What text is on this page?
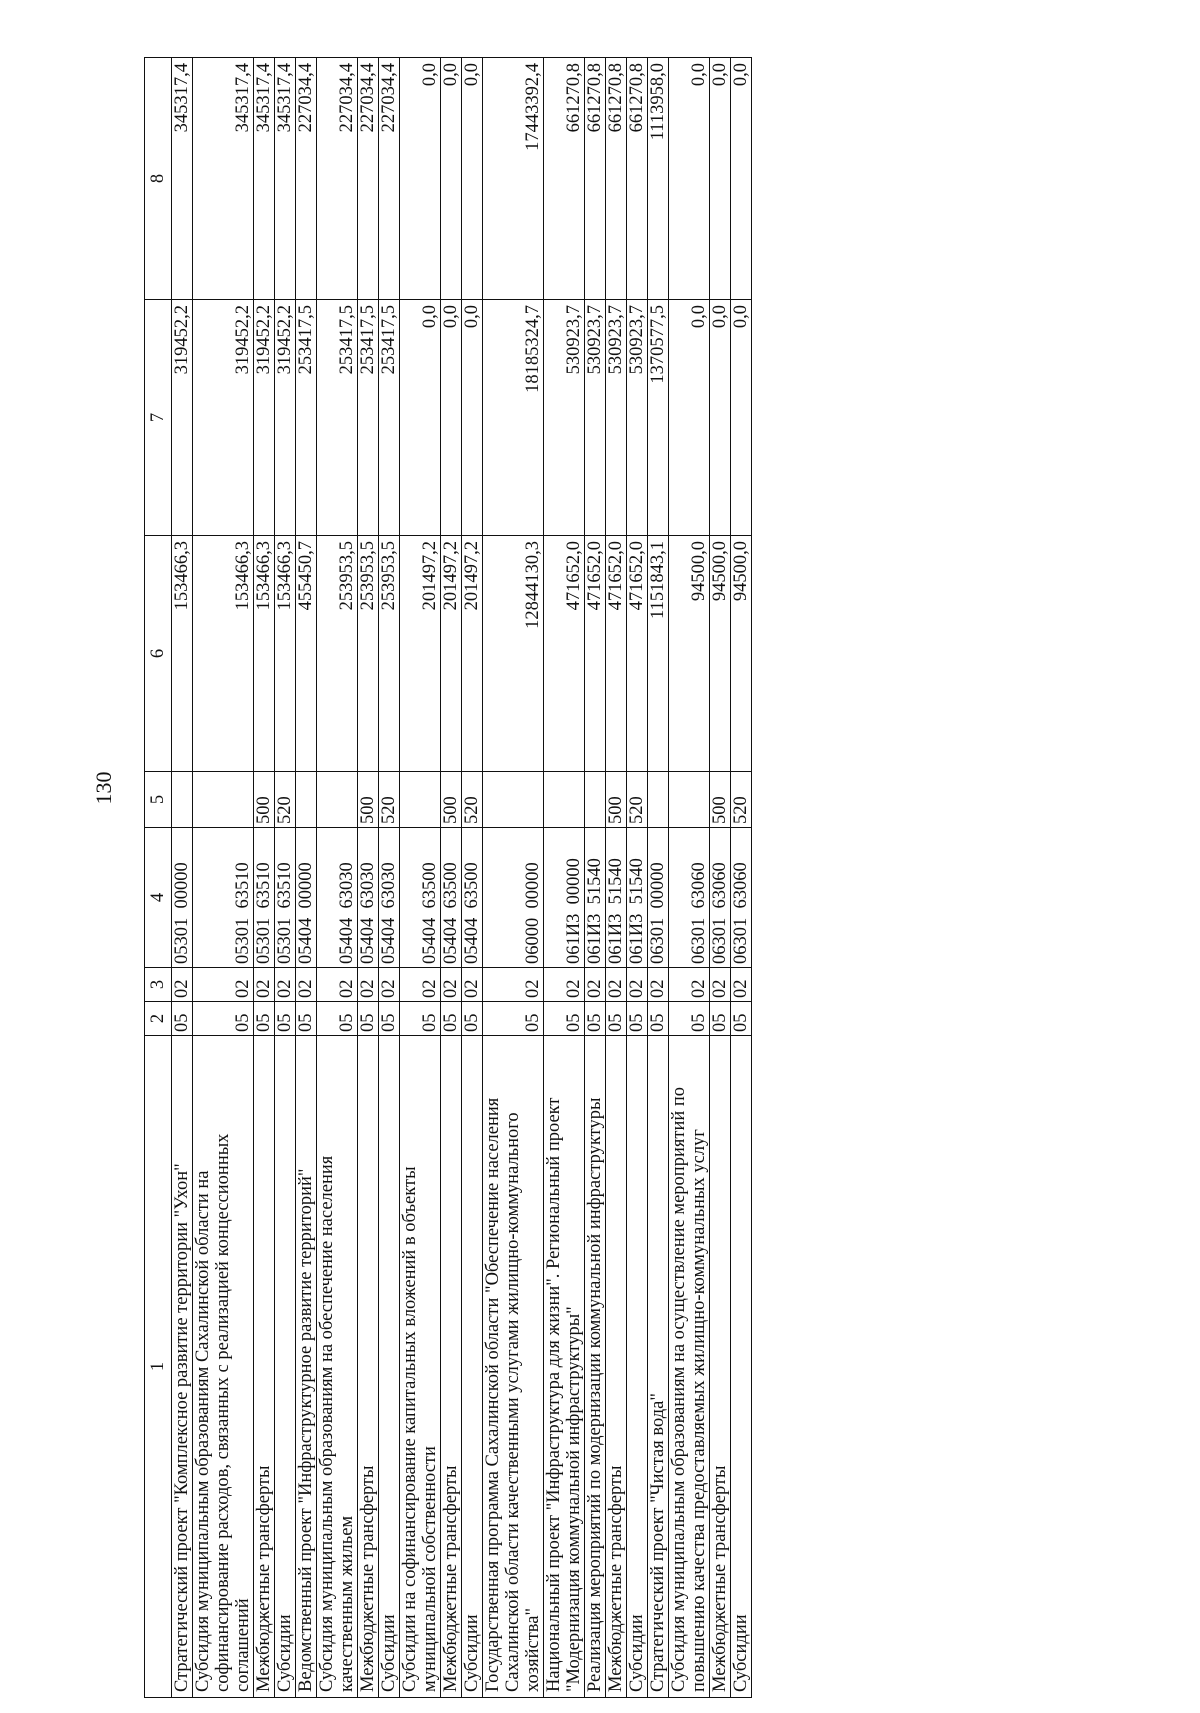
130
1	2	3	4	5	6	7	8
Стратегический проект "Комплексное развитие территории "Ухон"	05	02	05301  00000		153466,3	319452,2	345317,4
Субсидия муниципальным образованиям Сахалинской области на софинансирование расходов, связанных с реализацией концессионных соглашений	05	02	05301  63510		153466,3	319452,2	345317,4
Межбюджетные трансферты	05	02	05301  63510	500	153466,3	319452,2	345317,4
Субсидии	05	02	05301  63510	520	153466,3	319452,2	345317,4
Ведомственный проект "Инфраструктурное развитие территорий"	05	02	05404  00000		455450,7	253417,5	227034,4
Субсидия муниципальным образованиям на обеспечение населения качественным жильем	05	02	05404  63030		253953,5	253417,5	227034,4
Межбюджетные трансферты	05	02	05404  63030	500	253953,5	253417,5	227034,4
Субсидии	05	02	05404  63030	520	253953,5	253417,5	227034,4
Субсидии на софинансирование капитальных вложений в объекты муниципальной собственности	05	02	05404  63500		201497,2	0,0	0,0
Межбюджетные трансферты	05	02	05404  63500	500	201497,2	0,0	0,0
Субсидии	05	02	05404  63500	520	201497,2	0,0	0,0
Государственная программа Сахалинской области "Обеспечение населения Сахалинской области качественными услугами жилищно-коммунального хозяйства"	05	02	06000  00000		12844130,3	18185324,7	17443392,4
Национальный проект "Инфраструктура для жизни". Региональный проект "Модернизация коммунальной инфраструктуры"	05	02	061И3  00000		471652,0	530923,7	661270,8
Реализация мероприятий по модернизации коммунальной инфраструктуры	05	02	061И3  51540		471652,0	530923,7	661270,8
Межбюджетные трансферты	05	02	061И3  51540	500	471652,0	530923,7	661270,8
Субсидии	05	02	061И3  51540	520	471652,0	530923,7	661270,8
Стратегический проект "Чистая вода"	05	02	06301  00000		1151843,1	1370577,5	1113958,0
Субсидия муниципальным образованиям на осуществление мероприятий по повышению качества предоставляемых жилищно-коммунальных услуг	05	02	06301  63060		94500,0	0,0	0,0
Межбюджетные трансферты	05	02	06301  63060	500	94500,0	0,0	0,0
Субсидии	05	02	06301  63060	520	94500,0	0,0	0,0
